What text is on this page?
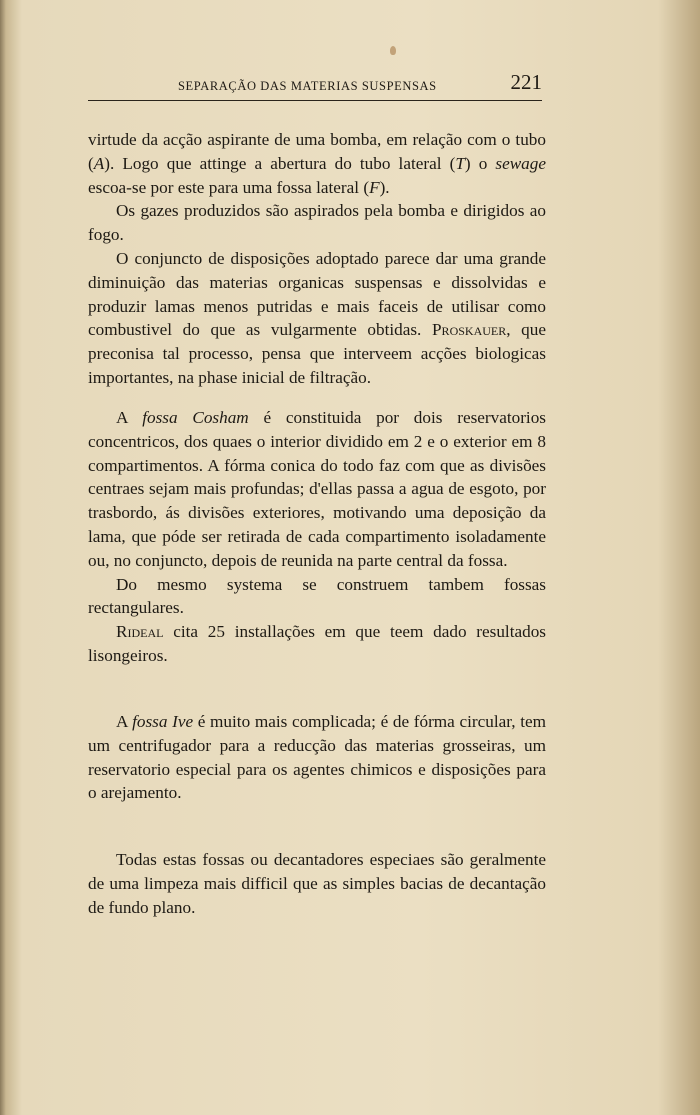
SEPARAÇÃO DAS MATERIAS SUSPENSAS	221

virtude da acção aspirante de uma bomba, em relação com o tubo (A). Logo que attinge a abertura do tubo lateral (T) o sewage escoa-se por este para uma fossa lateral (F).

Os gazes produzidos são aspirados pela bomba e dirigidos ao fogo.

O conjuncto de disposições adoptado parece dar uma grande diminuição das materias organicas suspensas e dissolvidas e produzir lamas menos putridas e mais faceis de utilisar como combustivel do que as vulgarmente obtidas. Proskauer, que preconisa tal processo, pensa que interveem acções biologicas importantes, na phase inicial de filtração.

A fossa Cosham é constituida por dois reservatorios concentricos, dos quaes o interior dividido em 2 e o exterior em 8 compartimentos. A fórma conica do todo faz com que as divisões centraes sejam mais profundas; d'ellas passa a agua de esgoto, por trasbordo, ás divisões exteriores, motivando uma deposição da lama, que póde ser retirada de cada compartimento isoladamente ou, no conjuncto, depois de reunida na parte central da fossa.

Do mesmo systema se construem tambem fossas rectangulares.

Rideal cita 25 installações em que teem dado resultados lisongeiros.

A fossa Ive é muito mais complicada; é de fórma circular, tem um centrifugador para a reducção das materias grosseiras, um reservatorio especial para os agentes chimicos e disposições para o arejamento.

Todas estas fossas ou decantadores especiaes são geralmente de uma limpeza mais difficil que as simples bacias de decantação de fundo plano.
